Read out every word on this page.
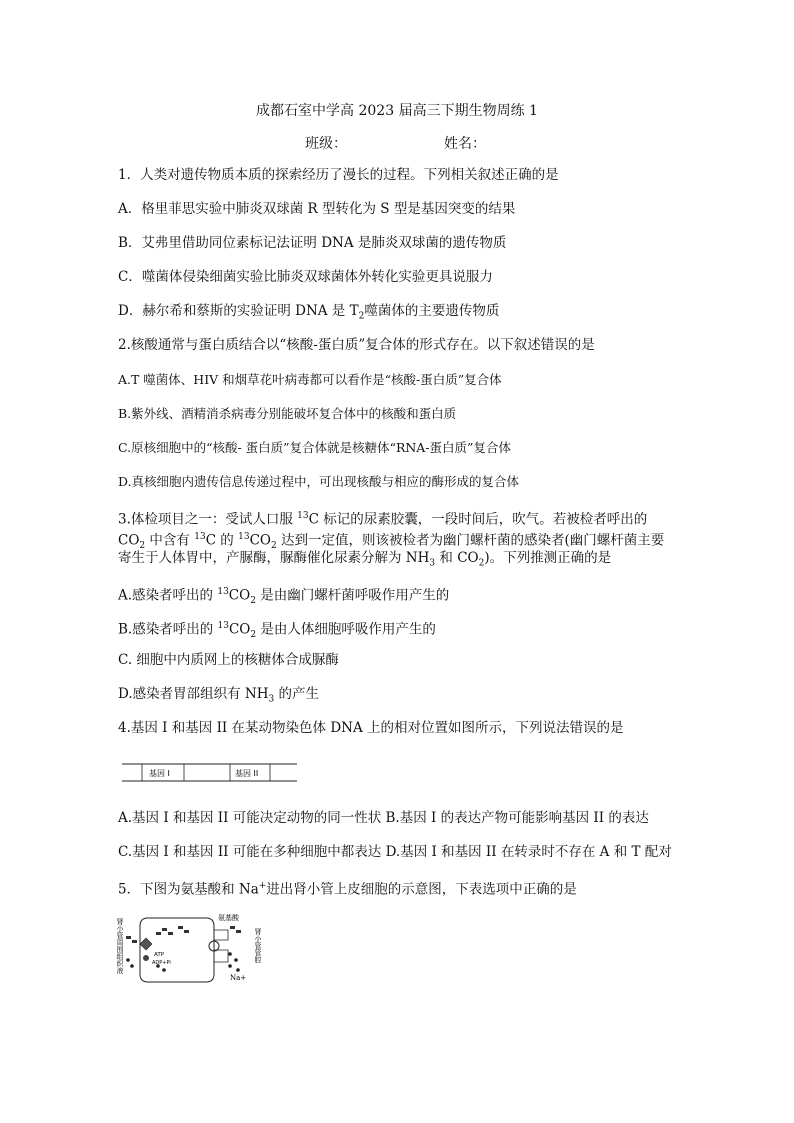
成都石室中学高 2023 届高三下期生物周练 1
班级：	姓名：
1．人类对遗传物质本质的探索经历了漫长的过程。下列相关叙述正确的是
A．格里菲思实验中肺炎双球菌 R 型转化为 S 型是基因突变的结果
B．艾弗里借助同位素标记法证明 DNA 是肺炎双球菌的遗传物质
C．噬菌体侵染细菌实验比肺炎双球菌体外转化实验更具说服力
D．赫尔希和蔡斯的实验证明 DNA 是 $T_2$噬菌体的主要遗传物质
2.核酸通常与蛋白质结合以“核酸-蛋白质”复合体的形式存在。以下叙述错误的是
A.T 噬菌体、HIV 和烟草花叶病毒都可以看作是“核酸-蛋白质”复合体
B.紫外线、酒精消杀病毒分别能破坏复合体中的核酸和蛋白质
C.原核细胞中的“核酸- 蛋白质”复合体就是核糖体“RNA-蛋白质”复合体
D.真核细胞内遗传信息传递过程中，可出现核酸与相应的酶形成的复合体
3.体检项目之一：受试人口服 $^{13}$C 标记的尿素胶囊，一段时间后，吹气。若被检者呼出的
$CO_2$ 中含有 $^{13}$C 的 $^{13}CO_2$ 达到一定值，则该被检者为幽门螺杆菌的感染者(幽门螺杆菌主要
寄生于人体胃中，产脲酶，脲酶催化尿素分解为 $NH_3$ 和 $CO_2$)。下列推测正确的是
A.感染者呼出的 $^{13}CO_2$ 是由幽门螺杆菌呼吸作用产生的
B.感染者呼出的 $^{13}CO_2$ 是由人体细胞呼吸作用产生的
C. 细胞中内质网上的核糖体合成脲酶
D.感染者胃部组织有 $NH_3$ 的产生
4.基因 I 和基因 II 在某动物染色体 DNA 上的相对位置如图所示，下列说法错误的是
基因 I	基因 II
A.基因 I 和基因 II 可能决定动物的同一性状 B.基因 I 的表达产物可能影响基因 II 的表达
C.基因 I 和基因 II 可能在多种细胞中都表达 D.基因 I 和基因 II 在转录时不存在 A 和 T 配对
5．下图为氨基酸和 Na+进出肾小管上皮细胞的示意图，下表选项中正确的是
肾小管周围组织液	氨基酸
肾小管管腔
ATP
ADP+Pi
Na+
